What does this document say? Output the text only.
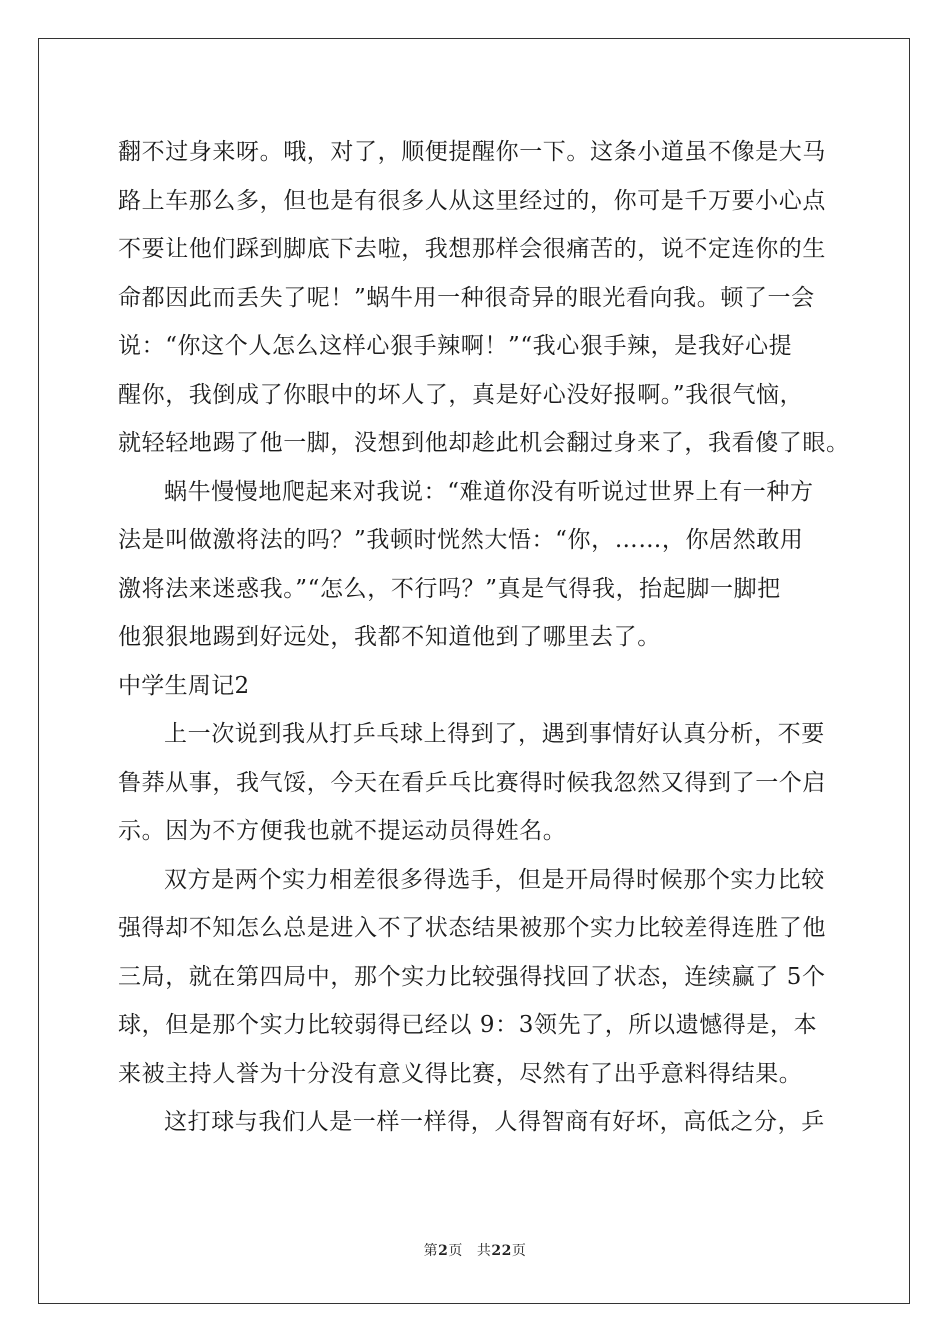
翻不过身来呀。哦，对了，顺便提醒你一下。这条小道虽不像是大马
路上车那么多，但也是有很多人从这里经过的，你可是千万要小心点
不要让他们踩到脚底下去啦，我想那样会很痛苦的，说不定连你的生
命都因此而丢失了呢！”蜗牛用一种很奇异的眼光看向我。顿了一会
说：“你这个人怎么这样心狠手辣啊！”“我心狠手辣，是我好心提
醒你，我倒成了你眼中的坏人了，真是好心没好报啊。”我很气恼，
就轻轻地踢了他一脚，没想到他却趁此机会翻过身来了，我看傻了眼。
蜗牛慢慢地爬起来对我说：“难道你没有听说过世界上有一种方
法是叫做激将法的吗？”我顿时恍然大悟：“你，……，你居然敢用
激将法来迷惑我。”“怎么，不行吗？”真是气得我，抬起脚一脚把
他狠狠地踢到好远处，我都不知道他到了哪里去了。
中学生周记2
上一次说到我从打乒乓球上得到了，遇到事情好认真分析，不要
鲁莽从事，我气馁，今天在看乒乓比赛得时候我忽然又得到了一个启
示。因为不方便我也就不提运动员得姓名。
双方是两个实力相差很多得选手，但是开局得时候那个实力比较
强得却不知怎么总是进入不了状态结果被那个实力比较差得连胜了他
三局，就在第四局中，那个实力比较强得找回了状态，连续赢了 5个
球，但是那个实力比较弱得已经以 9：3领先了，所以遗憾得是，本
来被主持人誉为十分没有意义得比赛，尽然有了出乎意料得结果。
这打球与我们人是一样一样得，人得智商有好坏，高低之分，乒
第2页 共22页
